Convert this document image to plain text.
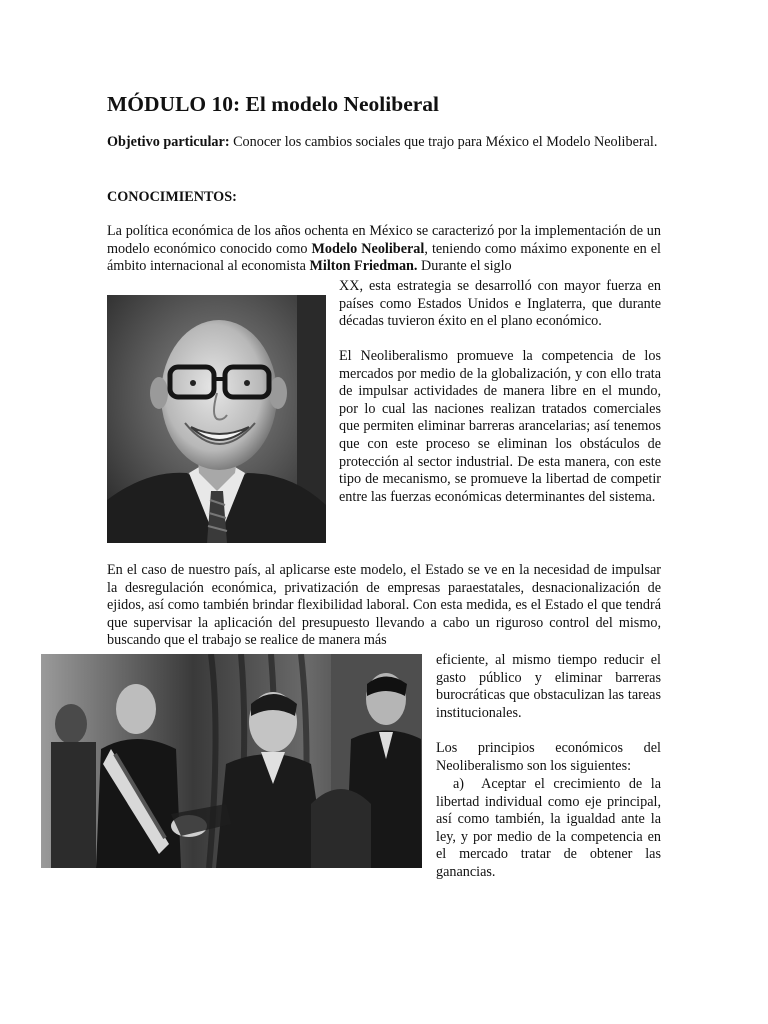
MÓDULO 10: El modelo Neoliberal

Objetivo particular: Conocer los cambios sociales que trajo para México el Modelo Neoliberal.

CONOCIMIENTOS:

La política económica de los años ochenta en México se caracterizó por la implementación de un modelo económico conocido como Modelo Neoliberal, teniendo como máximo exponente en el ámbito internacional al economista Milton Friedman. Durante el siglo

XX, esta estrategia se desarrolló con mayor fuerza en países como Estados Unidos e Inglaterra, que durante décadas tuvieron éxito en el plano económico.

El Neoliberalismo promueve la competencia de los mercados por medio de la globalización, y con ello trata de impulsar actividades de manera libre en el mundo, por lo cual las naciones realizan tratados comerciales que permiten eliminar barreras arancelarias; así tenemos que con este proceso se eliminan los obstáculos de protección al sector industrial. De esta manera, con este tipo de mecanismo, se promueve la libertad de competir entre las fuerzas económicas determinantes del sistema.

En el caso de nuestro país, al aplicarse este modelo, el Estado se ve en la necesidad de impulsar la desregulación económica, privatización de empresas paraestatales, desnacionalización de ejidos, así como también brindar flexibilidad laboral. Con esta medida, es el Estado el que tendrá que supervisar la aplicación del presupuesto llevando a cabo un riguroso control del mismo, buscando que el trabajo se realice de manera más

eficiente, al mismo tiempo reducir el gasto público y eliminar barreras burocráticas que obstaculizan las tareas institucionales.

Los principios económicos del Neoliberalismo son los siguientes:

a) Aceptar el crecimiento de la libertad individual como eje principal, así como también, la igualdad ante la ley, y por medio de la competencia en el mercado tratar de obtener las ganancias.
